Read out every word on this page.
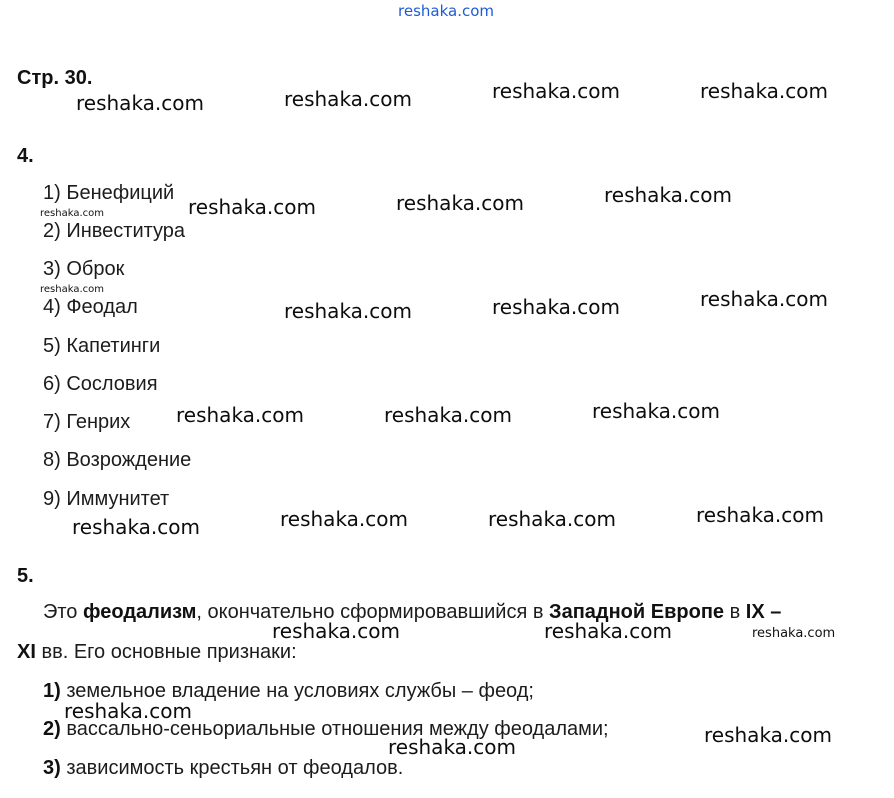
reshaka.com
Стр. 30.
4.
1) Бенефиций
2) Инвеститура
3) Оброк
4) Феодал
5) Капетинги
6) Сословия
7) Генрих
8) Возрождение
9) Иммунитет
5.
Это феодализм, окончательно сформировавшийся в Западной Европе в IX –
XI вв. Его основные признаки:
1) земельное владение на условиях службы – феод;
2) вассально-сеньориальные отношения между феодалами;
3) зависимость крестьян от феодалов.
reshaka.com	reshaka.com	reshaka.com	reshaka.com
reshaka.com	reshaka.com	reshaka.com
reshaka.com
reshaka.com
reshaka.com	reshaka.com	reshaka.com
reshaka.com	reshaka.com	reshaka.com
reshaka.com	reshaka.com	reshaka.com	reshaka.com
reshaka.com	reshaka.com	reshaka.com
reshaka.com
reshaka.com	reshaka.com
